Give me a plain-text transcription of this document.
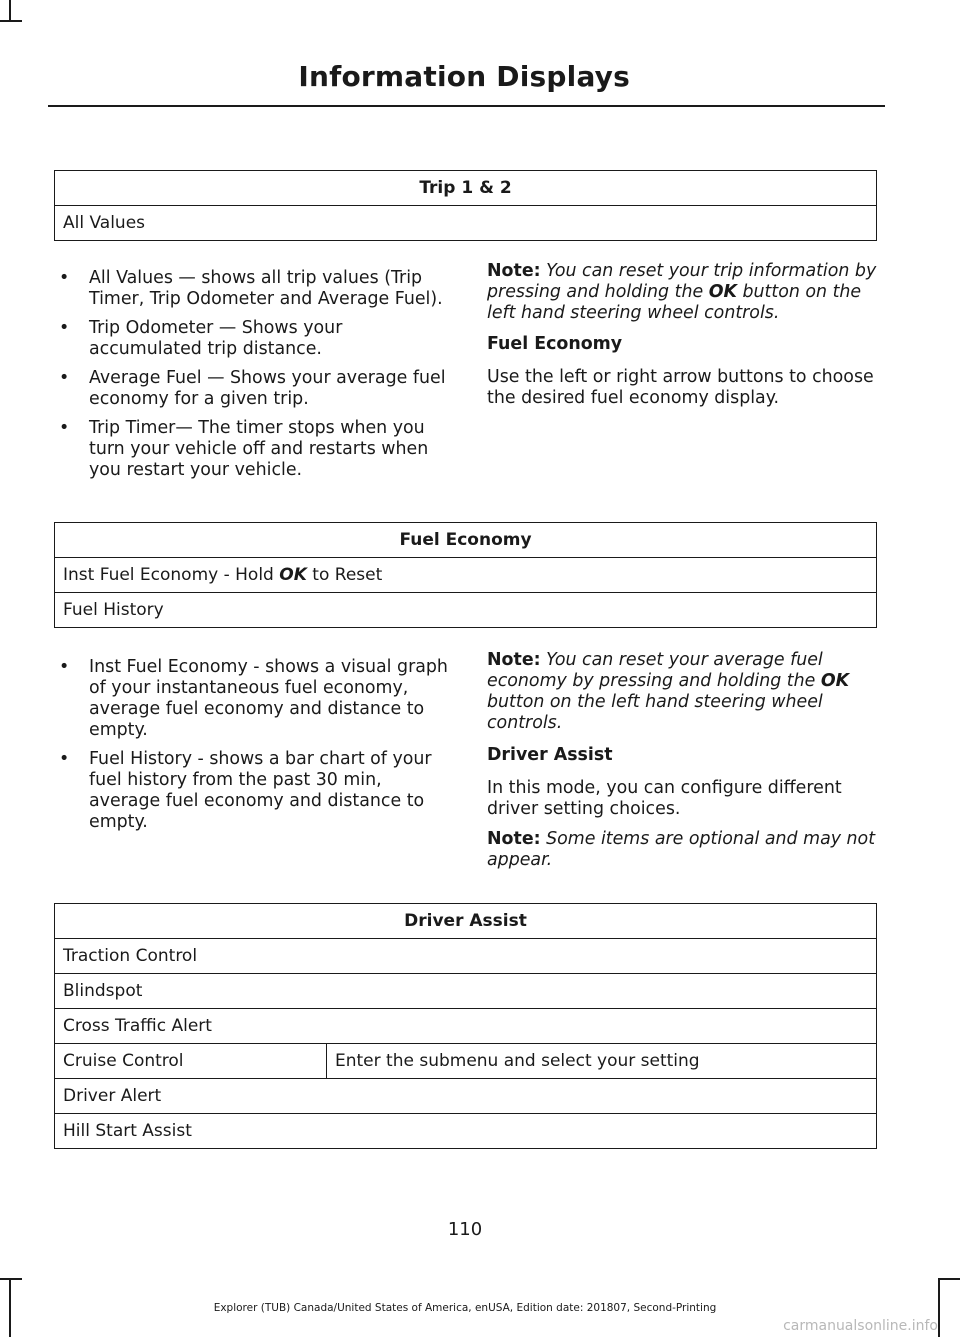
Information Displays
Trip 1 & 2
All Values
• All Values — shows all trip values (Trip Timer, Trip Odometer and Average Fuel).
• Trip Odometer — Shows your accumulated trip distance.
• Average Fuel — Shows your average fuel economy for a given trip.
• Trip Timer— The timer stops when you turn your vehicle off and restarts when you restart your vehicle.

Note: You can reset your trip information by pressing and holding the OK button on the left hand steering wheel controls.

Fuel Economy

Use the left or right arrow buttons to choose the desired fuel economy display.

Fuel Economy
Inst Fuel Economy - Hold OK to Reset
Fuel History
• Inst Fuel Economy - shows a visual graph of your instantaneous fuel economy, average fuel economy and distance to empty.
• Fuel History - shows a bar chart of your fuel history from the past 30 min, average fuel economy and distance to empty.

Note: You can reset your average fuel economy by pressing and holding the OK button on the left hand steering wheel controls.

Driver Assist

In this mode, you can configure different driver setting choices.

Note: Some items are optional and may not appear.

Driver Assist
Traction Control
Blindspot
Cross Traffic Alert
Cruise Control	Enter the submenu and select your setting
Driver Alert
Hill Start Assist
110
Explorer (TUB) Canada/United States of America, enUSA, Edition date: 201807, Second-Printing
carmanualsonline.info
